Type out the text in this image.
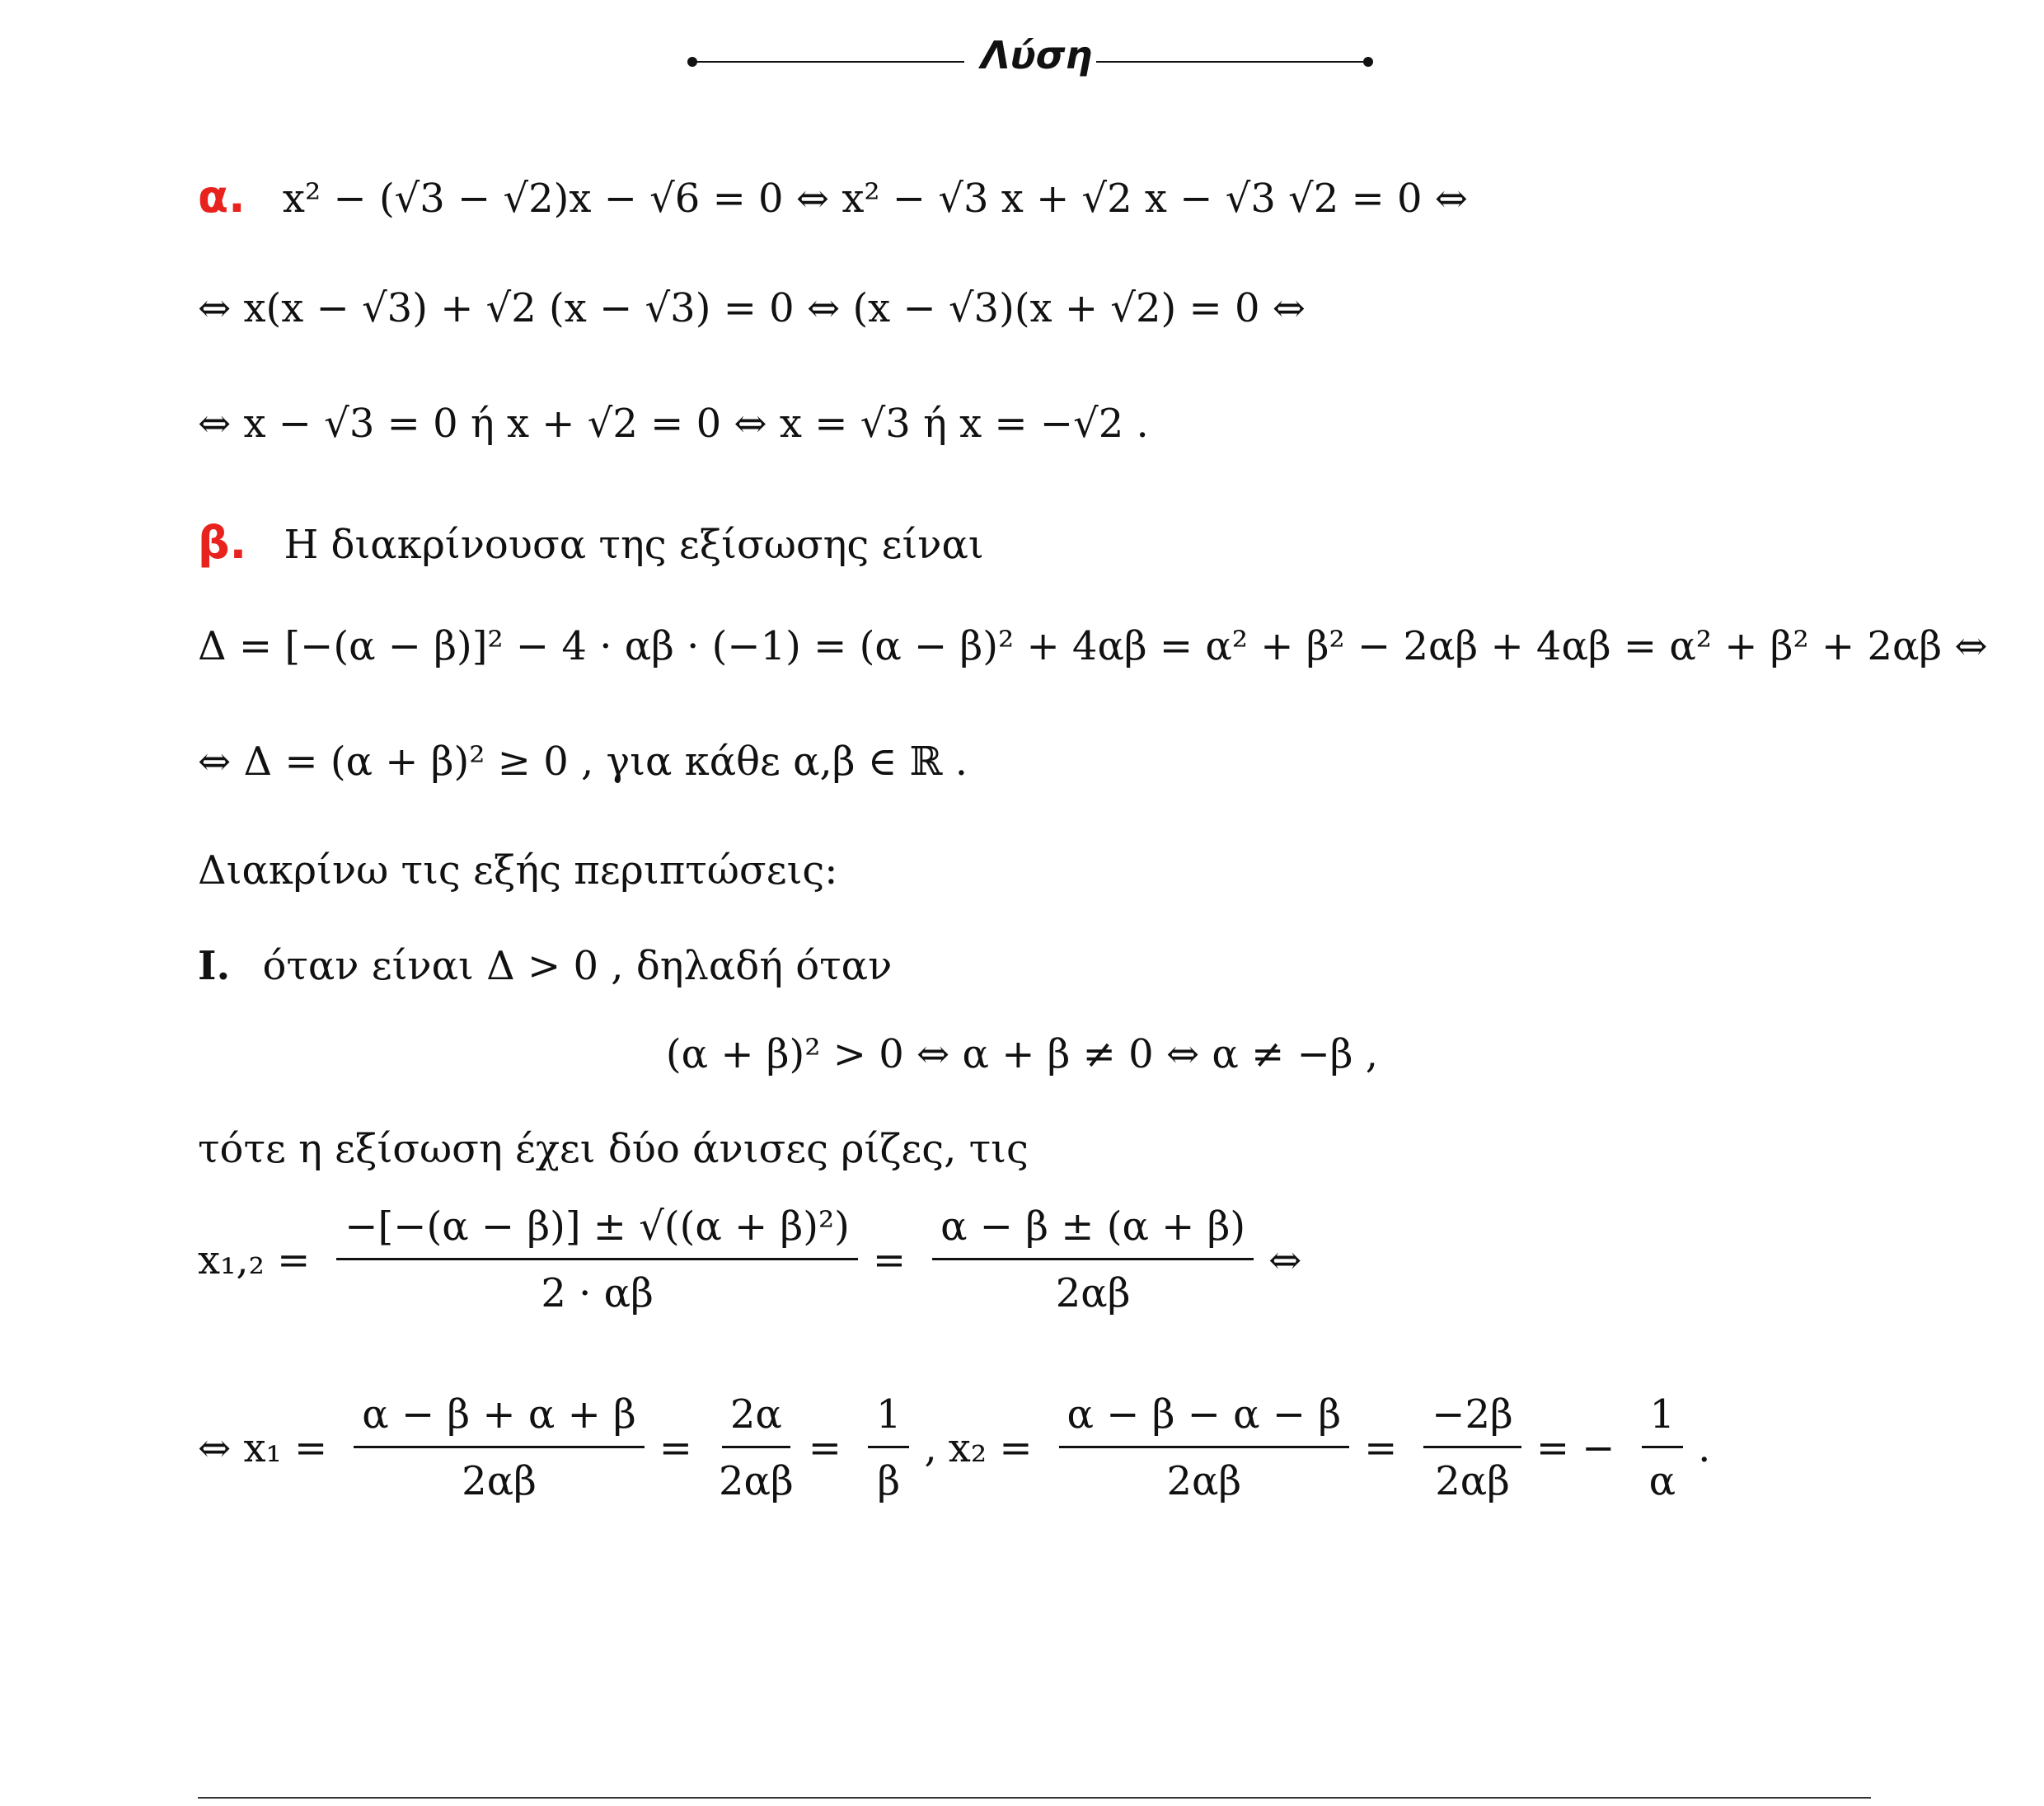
Λύση
α. x² − (√3 − √2)x − √6 = 0 ⇔ x² − √3 x + √2 x − √3 √2 = 0 ⇔
⇔ x(x − √3) + √2 (x − √3) = 0 ⇔ (x − √3)(x + √2) = 0 ⇔
⇔ x − √3 = 0 ή x + √2 = 0 ⇔ x = √3 ή x = −√2 .
β. Η διακρίνουσα της εξίσωσης είναι
Δ = [−(α − β)]² − 4 · αβ · (−1) = (α − β)² + 4αβ = α² + β² − 2αβ + 4αβ = α² + β² + 2αβ ⇔
⇔ Δ = (α + β)² ≥ 0 , για κάθε α,β ∈ ℝ .
Διακρίνω τις εξής περιπτώσεις:
I. όταν είναι Δ > 0 , δηλαδή όταν
(α + β)² > 0 ⇔ α + β ≠ 0 ⇔ α ≠ −β ,
τότε η εξίσωση έχει δύο άνισες ρίζες, τις
$x_1,_2 = \frac{\text{−[−(α − β)] ± √((α + β)²)}}{2 \cdot \alpha\beta} = \frac{\alpha - \beta \pm (\alpha + \beta)}{2\alpha\beta}$ ⇔
⇔ $x_1 = \frac{\alpha - \beta + \alpha + \beta}{2\alpha\beta} = \frac{2\alpha}{2\alpha\beta} = \frac{1}{\beta}$ , $x_2 = \frac{\alpha - \beta - \alpha - \beta}{2\alpha\beta} = \frac{-2\beta}{2\alpha\beta}$ = − $\frac{1}{\alpha}$ .
